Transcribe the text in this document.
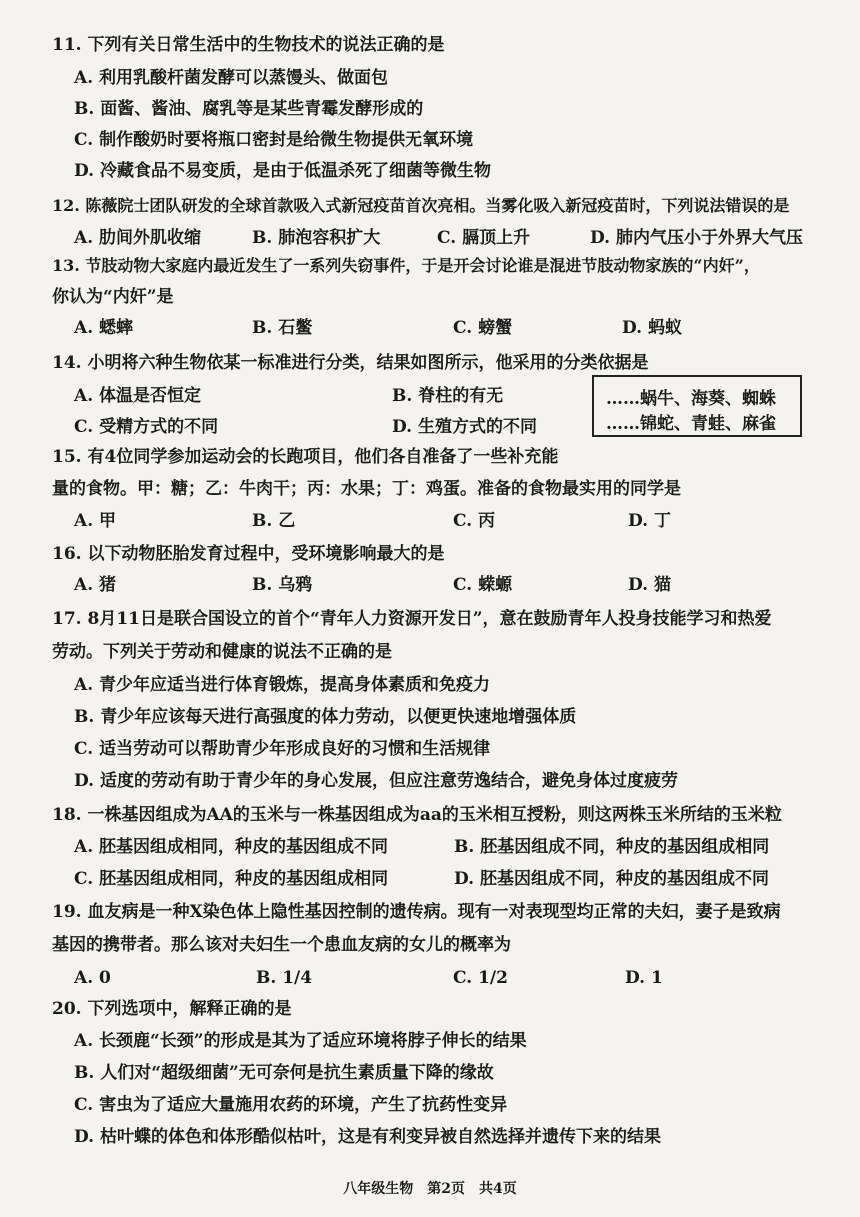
11. 下列有关日常生活中的生物技术的说法正确的是
A. 利用乳酸杆菌发酵可以蒸馒头、做面包
B. 面酱、酱油、腐乳等是某些青霉发酵形成的
C. 制作酸奶时要将瓶口密封是给微生物提供无氧环境
D. 冷藏食品不易变质，是由于低温杀死了细菌等微生物
12. 陈薇院士团队研发的全球首款吸入式新冠疫苗首次亮相。当雾化吸入新冠疫苗时，下列说法错误的是
A. 肋间外肌收缩	B. 肺泡容积扩大	C. 膈顶上升	D. 肺内气压小于外界大气压
13. 节肢动物大家庭内最近发生了一系列失窃事件，于是开会讨论谁是混进节肢动物家族的“内奸”，
你认为“内奸”是
A. 蟋蟀	B. 石鳖	C. 螃蟹	D. 蚂蚁
14. 小明将六种生物依某一标准进行分类，结果如图所示，他采用的分类依据是
A. 体温是否恒定	B. 脊柱的有无
C. 受精方式的不同	D. 生殖方式的不同
……蜗牛、海葵、蜘蛛
……锦蛇、青蛙、麻雀
15. 有4位同学参加运动会的长跑项目，他们各自准备了一些补充能
量的食物。甲：糖；乙：牛肉干；丙：水果；丁：鸡蛋。准备的食物最实用的同学是
A. 甲	B. 乙	C. 丙	D. 丁
16. 以下动物胚胎发育过程中，受环境影响最大的是
A. 猪	B. 乌鸦	C. 蝾螈	D. 猫
17. 8月11日是联合国设立的首个“青年人力资源开发日”，意在鼓励青年人投身技能学习和热爱
劳动。下列关于劳动和健康的说法不正确的是
A. 青少年应适当进行体育锻炼，提高身体素质和免疫力
B. 青少年应该每天进行高强度的体力劳动，以便更快速地增强体质
C. 适当劳动可以帮助青少年形成良好的习惯和生活规律
D. 适度的劳动有助于青少年的身心发展，但应注意劳逸结合，避免身体过度疲劳
18. 一株基因组成为AA的玉米与一株基因组成为aa的玉米相互授粉，则这两株玉米所结的玉米粒
A. 胚基因组成相同，种皮的基因组成不同	B. 胚基因组成不同，种皮的基因组成相同
C. 胚基因组成相同，种皮的基因组成相同	D. 胚基因组成不同，种皮的基因组成不同
19. 血友病是一种X染色体上隐性基因控制的遗传病。现有一对表现型均正常的夫妇，妻子是致病
基因的携带者。那么该对夫妇生一个患血友病的女儿的概率为
A. 0	B. 1/4	C. 1/2	D. 1
20. 下列选项中，解释正确的是
A. 长颈鹿“长颈”的形成是其为了适应环境将脖子伸长的结果
B. 人们对“超级细菌”无可奈何是抗生素质量下降的缘故
C. 害虫为了适应大量施用农药的环境，产生了抗药性变异
D. 枯叶蝶的体色和体形酷似枯叶，这是有利变异被自然选择并遗传下来的结果
八年级生物　第2页　共4页
